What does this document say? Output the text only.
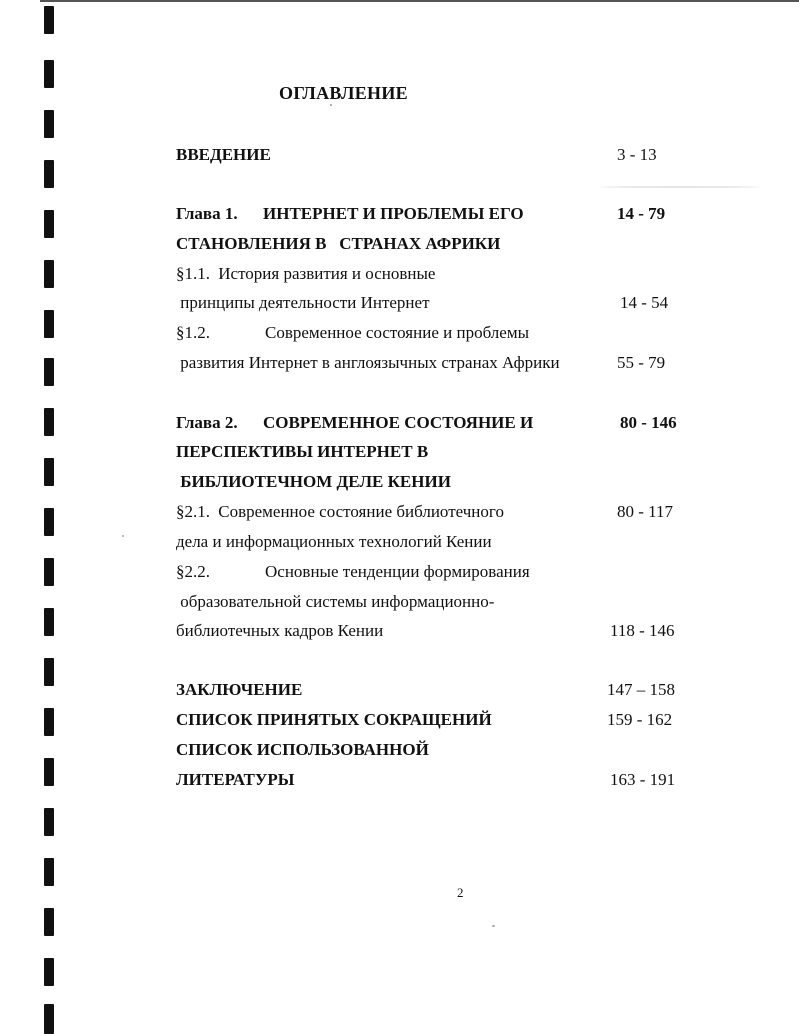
ОГЛАВЛЕНИЕ
ВВЕДЕНИЕ	3 - 13
Глава 1. ИНТЕРНЕТ И ПРОБЛЕМЫ ЕГО	14 - 79
СТАНОВЛЕНИЯ В   СТРАНАХ АФРИКИ
§1.1. История развития и основные
принципы деятельности Интернет	14 - 54
§1.2.	Современное состояние и проблемы
развития Интернет в англоязычных странах Африки	55 - 79
Глава 2. СОВРЕМЕННОЕ СОСТОЯНИЕ И	80 - 146
ПЕРСПЕКТИВЫ ИНТЕРНЕТ В
БИБЛИОТЕЧНОМ ДЕЛЕ КЕНИИ
§2.1. Современное состояние библиотечного	80 - 117
дела и информационных технологий Кении
§2.2.	Основные тенденции формирования
образовательной системы информационно-
библиотечных кадров Кении	118 - 146
ЗАКЛЮЧЕНИЕ	147 – 158
СПИСОК ПРИНЯТЫХ СОКРАЩЕНИЙ	159 - 162
СПИСОК ИСПОЛЬЗОВАННОЙ
ЛИТЕРАТУРЫ	163 - 191
2
